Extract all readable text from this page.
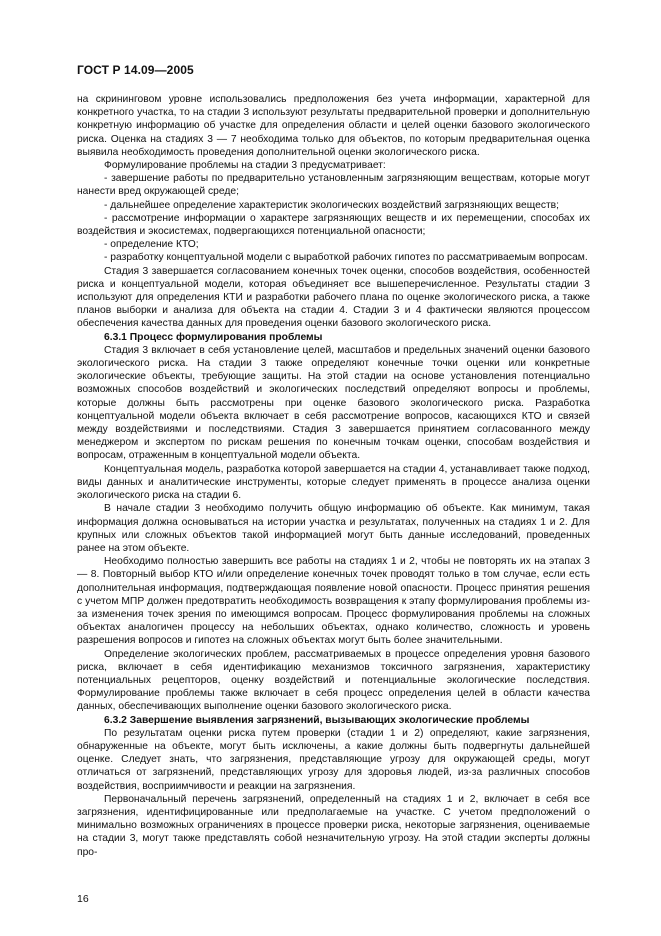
ГОСТ Р 14.09—2005

на скрининговом уровне использовались предположения без учета информации, характерной для конкретного участка, то на стадии 3 используют результаты предварительной проверки и дополнительную конкретную информацию об участке для определения области и целей оценки базового экологического риска. Оценка на стадиях 3 — 7 необходима только для объектов, по которым предварительная оценка выявила необходимость проведения дополнительной оценки экологического риска.

Формулирование проблемы на стадии 3 предусматривает:

- завершение работы по предварительно установленным загрязняющим веществам, которые могут нанести вред окружающей среде;

- дальнейшее определение характеристик экологических воздействий загрязняющих веществ;

- рассмотрение информации о характере загрязняющих веществ и их перемещении, способах их воздействия и экосистемах, подвергающихся потенциальной опасности;

- определение КТО;

- разработку концептуальной модели с выработкой рабочих гипотез по рассматриваемым вопросам.

Стадия 3 завершается согласованием конечных точек оценки, способов воздействия, особенностей риска и концептуальной модели, которая объединяет все вышеперечисленное. Результаты стадии 3 используют для определения КТИ и разработки рабочего плана по оценке экологического риска, а также планов выборки и анализа для объекта на стадии 4. Стадии 3 и 4 фактически являются процессом обеспечения качества данных для проведения оценки базового экологического риска.

6.3.1 Процесс формулирования проблемы

Стадия 3 включает в себя установление целей, масштабов и предельных значений оценки базового экологического риска. На стадии 3 также определяют конечные точки оценки или конкретные экологические объекты, требующие защиты. На этой стадии на основе установления потенциально возможных способов воздействий и экологических последствий определяют вопросы и проблемы, которые должны быть рассмотрены при оценке базового экологического риска. Разработка концептуальной модели объекта включает в себя рассмотрение вопросов, касающихся КТО и связей между воздействиями и последствиями. Стадия 3 завершается принятием согласованного между менеджером и экспертом по рискам решения по конечным точкам оценки, способам воздействия и вопросам, отраженным в концептуальной модели объекта.

Концептуальная модель, разработка которой завершается на стадии 4, устанавливает также подход, виды данных и аналитические инструменты, которые следует применять в процессе анализа оценки экологического риска на стадии 6.

В начале стадии 3 необходимо получить общую информацию об объекте. Как минимум, такая информация должна основываться на истории участка и результатах, полученных на стадиях 1 и 2. Для крупных или сложных объектов такой информацией могут быть данные исследований, проведенных ранее на этом объекте.

Необходимо полностью завершить все работы на стадиях 1 и 2, чтобы не повторять их на этапах 3 — 8. Повторный выбор КТО и/или определение конечных точек проводят только в том случае, если есть дополнительная информация, подтверждающая появление новой опасности. Процесс принятия решения с учетом МПР должен предотвратить необходимость возвращения к этапу формулирования проблемы из-за изменения точек зрения по имеющимся вопросам. Процесс формулирования проблемы на сложных объектах аналогичен процессу на небольших объектах, однако количество, сложность и уровень разрешения вопросов и гипотез на сложных объектах могут быть более значительными.

Определение экологических проблем, рассматриваемых в процессе определения уровня базового риска, включает в себя идентификацию механизмов токсичного загрязнения, характеристику потенциальных рецепторов, оценку воздействий и потенциальные экологические последствия. Формулирование проблемы также включает в себя процесс определения целей в области качества данных, обеспечивающих выполнение оценки базового экологического риска.

6.3.2 Завершение выявления загрязнений, вызывающих экологические проблемы

По результатам оценки риска путем проверки (стадии 1 и 2) определяют, какие загрязнения, обнаруженные на объекте, могут быть исключены, а какие должны быть подвергнуты дальнейшей оценке. Следует знать, что загрязнения, представляющие угрозу для окружающей среды, могут отличаться от загрязнений, представляющих угрозу для здоровья людей, из-за различных способов воздействия, восприимчивости и реакции на загрязнения.

Первоначальный перечень загрязнений, определенный на стадиях 1 и 2, включает в себя все загрязнения, идентифицированные или предполагаемые на участке. С учетом предположений о минимально возможных ограничениях в процессе проверки риска, некоторые загрязнения, оцениваемые на стадии 3, могут также представлять собой незначительную угрозу. На этой стадии эксперты должны про-

16
